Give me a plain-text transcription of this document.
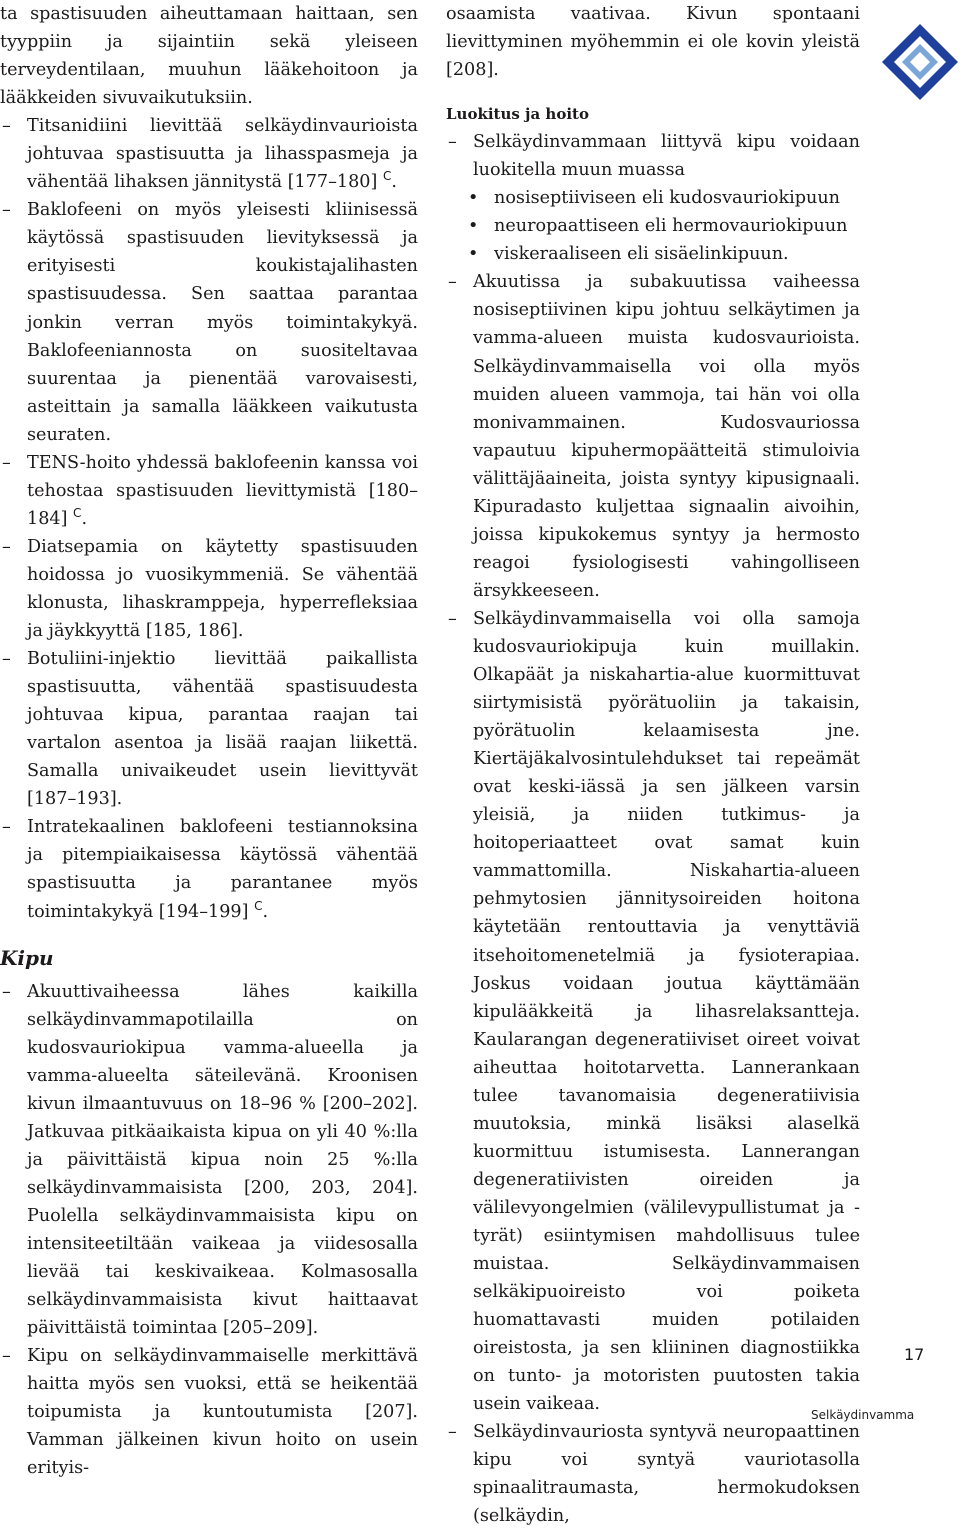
ta spastisuuden aiheuttamaan haittaan, sen tyyppiin ja sijaintiin sekä yleiseen terveydentilaan, muuhun lääkehoitoon ja lääkkeiden sivuvaikutuksiin.
– Titsanidiini lievittää selkäydinvaurioista johtuvaa spastisuutta ja lihasspasmeja ja vähentää lihaksen jännitystä [177–180] $^C$.
– Baklofeeni on myös yleisesti kliinisessä käytössä spastisuuden lievityksessä ja erityisesti koukistajalihasten spastisuudessa. Sen saattaa parantaa jonkin verran myös toimintakykyä. Baklofeeniannosta on suositeltavaa suurentaa ja pienentää varovaisesti, asteittain ja samalla lääkkeen vaikutusta seuraten.
– TENS-hoito yhdessä baklofeenin kanssa voi tehostaa spastisuuden lievittymistä [180–184] $^C$.
– Diatsepamia on käytetty spastisuuden hoidossa jo vuosikymmeniä. Se vähentää klonusta, lihaskramppeja, hyperrefleksiaa ja jäykkyyttä [185, 186].
– Botuliini-injektio lievittää paikallista spastisuutta, vähentää spastisuudesta johtuvaa kipua, parantaa raajan tai vartalon asentoa ja lisää raajan liikettä. Samalla univaikeudet usein lievittyvät [187–193].
– Intratekaalinen baklofeeni testiannoksina ja pitempiaikaisessa käytössä vähentää spastisuutta ja parantanee myös toimintakykyä [194–199] $^C$.
Kipu
– Akuuttivaiheessa lähes kaikilla selkäydinvammapotilailla on kudosvauriokipua vamma-alueella ja vamma-alueelta säteilevänä. Kroonisen kivun ilmaantuvuus on 18–96 % [200–202]. Jatkuvaa pitkäaikaista kipua on yli 40 %:lla ja päivittäistä kipua noin 25 %:lla selkäydinvammaisista [200, 203, 204]. Puolella selkäydinvammaisista kipu on intensiteetiltään vaikeaa ja viidesosalla lievää tai keskivaikeaa. Kolmasosalla selkäydinvammaisista kivut haittaavat päivittäistä toimintaa [205–209].
– Kipu on selkäydinvammaiselle merkittävä haitta myös sen vuoksi, että se heikentää toipumista ja kuntoutumista [207]. Vamman jälkeinen kivun hoito on usein erityis-
osaamista vaativaa. Kivun spontaani lievittyminen myöhemmin ei ole kovin yleistä [208].
Luokitus ja hoito
– Selkäydinvammaan liittyvä kipu voidaan luokitella muun muassa
• nosiseptiiviseen eli kudosvauriokipuun
• neuropaattiseen eli hermovauriokipuun
• viskeraaliseen eli sisäelinkipuun.
– Akuutissa ja subakuutissa vaiheessa nosiseptiivinen kipu johtuu selkäytimen ja vamma-alueen muista kudosvaurioista. Selkäydinvammaisella voi olla myös muiden alueen vammoja, tai hän voi olla monivammainen. Kudosvauriossa vapautuu kipuhermopäätteitä stimuloivia välittäjäaineita, joista syntyy kipusignaali. Kipuradasto kuljettaa signaalin aivoihin, joissa kipukokemus syntyy ja hermosto reagoi fysiologisesti vahingolliseen ärsykkeeseen.
– Selkäydinvammaisella voi olla samoja kudosvauriokipuja kuin muillakin. Olkapäät ja niskahartia-alue kuormittuvat siirtymisistä pyörätuoliin ja takaisin, pyörätuolin kelaamisesta jne. Kiertäjäkalvosintulehdukset tai repeämät ovat keski-iässä ja sen jälkeen varsin yleisiä, ja niiden tutkimus- ja hoitoperiaatteet ovat samat kuin vammattomilla. Niskahartia-alueen pehmytosien jännitysoireiden hoitona käytetään rentouttavia ja venyttäviä itsehoitomenetelmiä ja fysioterapiaa. Joskus voidaan joutua käyttämään kipulääkkeitä ja lihasrelaksantteja. Kaularangan degeneratiiviset oireet voivat aiheuttaa hoitotarvetta. Lannerankaan tulee tavanomaisia degeneratiivisia muutoksia, minkä lisäksi alaselkä kuormittuu istumisesta. Lannerangan degeneratiivisten oireiden ja välilevyongelmien (välilevypullistumat ja -tyrät) esiintymisen mahdollisuus tulee muistaa. Selkäydinvammaisen selkäkipuoireisto voi poiketa huomattavasti muiden potilaiden oireistosta, ja sen kliininen diagnostiikka on tunto- ja motoristen puutosten takia usein vaikeaa.
– Selkäydinvauriosta syntyvä neuropaattinen kipu voi syntyä vauriotasolla spinaalitraumasta, hermokudoksen (selkäydin,
17
Selkäydinvamma
